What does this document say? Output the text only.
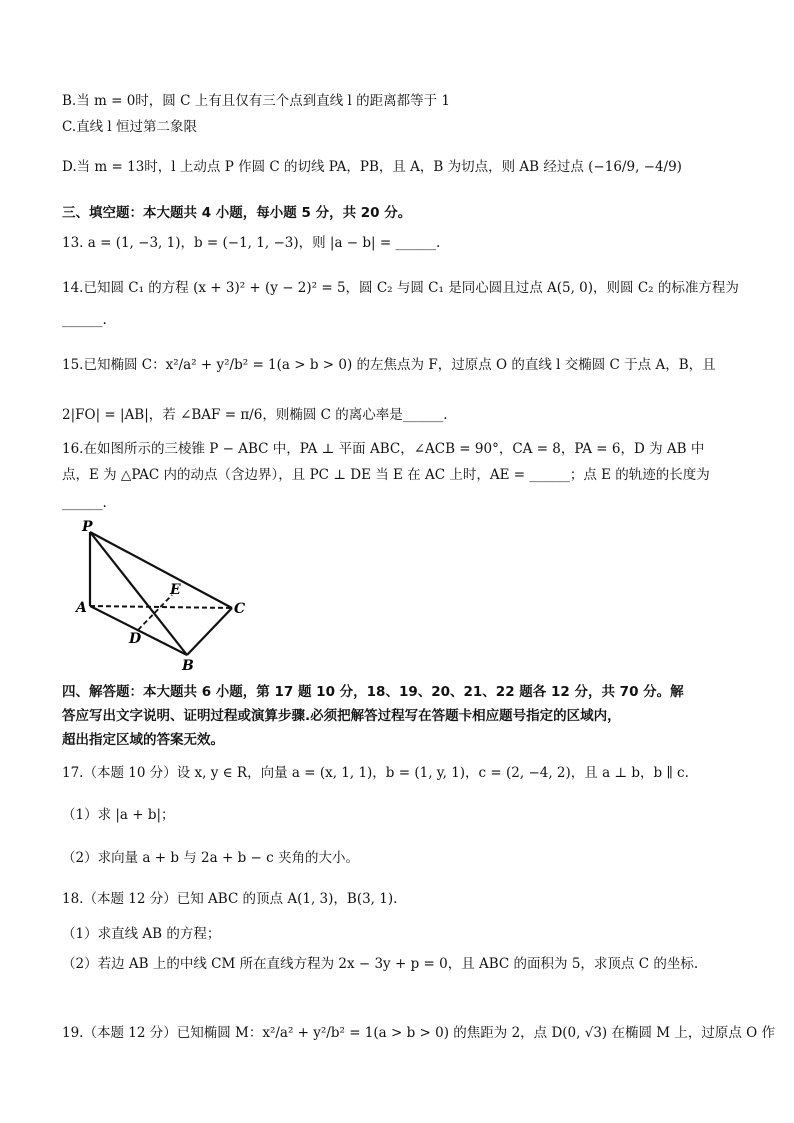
B.当 m = 0时，圆 C 上有且仅有三个点到直线 l 的距离都等于 1
C.直线 l 恒过第二象限
D.当 m = 13时，l 上动点 P 作圆 C 的切线 PA，PB，且 A，B 为切点，则 AB 经过点 (−16/9, −4/9)
三、填空题：本大题共 4 小题，每小题 5 分，共 20 分。
13. a = (1, −3, 1)，b = (−1, 1, −3)，则 |a − b| = ______.
14.已知圆 C₁ 的方程 (x + 3)² + (y − 2)² = 5，圆 C₂ 与圆 C₁ 是同心圆且过点 A(5, 0)，则圆 C₂ 的标准方程为
______.
15.已知椭圆 C：x²/a² + y²/b² = 1(a > b > 0) 的左焦点为 F，过原点 O 的直线 l 交椭圆 C 于点 A，B，且
2|FO| = |AB|，若 ∠BAF = π/6，则椭圆 C 的离心率是______.
16.在如图所示的三棱锥 P − ABC 中，PA ⊥ 平面 ABC，∠ACB = 90°，CA = 8，PA = 6，D 为 AB 中
点，E 为 △PAC 内的动点（含边界），且 PC ⊥ DE 当 E 在 AC 上时，AE = ______；点 E 的轨迹的长度为
______.
P
A
B
C
D
E
四、解答题：本大题共 6 小题，第 17 题 10 分，18、19、20、21、22 题各 12 分，共 70 分。解
答应写出文字说明、证明过程或演算步骤.必须把解答过程写在答题卡相应题号指定的区域内，
超出指定区域的答案无效。
17.（本题 10 分）设 x, y ∈ R，向量 a = (x, 1, 1)，b = (1, y, 1)，c = (2, −4, 2)，且 a ⊥ b，b ∥ c.
（1）求 |a + b|；
（2）求向量 a + b 与 2a + b − c 夹角的大小。
18.（本题 12 分）已知 ABC 的顶点 A(1, 3)，B(3, 1).
（1）求直线 AB 的方程；
（2）若边 AB 上的中线 CM 所在直线方程为 2x − 3y + p = 0，且 ABC 的面积为 5，求顶点 C 的坐标.
19.（本题 12 分）已知椭圆 M：x²/a² + y²/b² = 1(a > b > 0) 的焦距为 2，点 D(0, √3) 在椭圆 M 上，过原点 O 作
